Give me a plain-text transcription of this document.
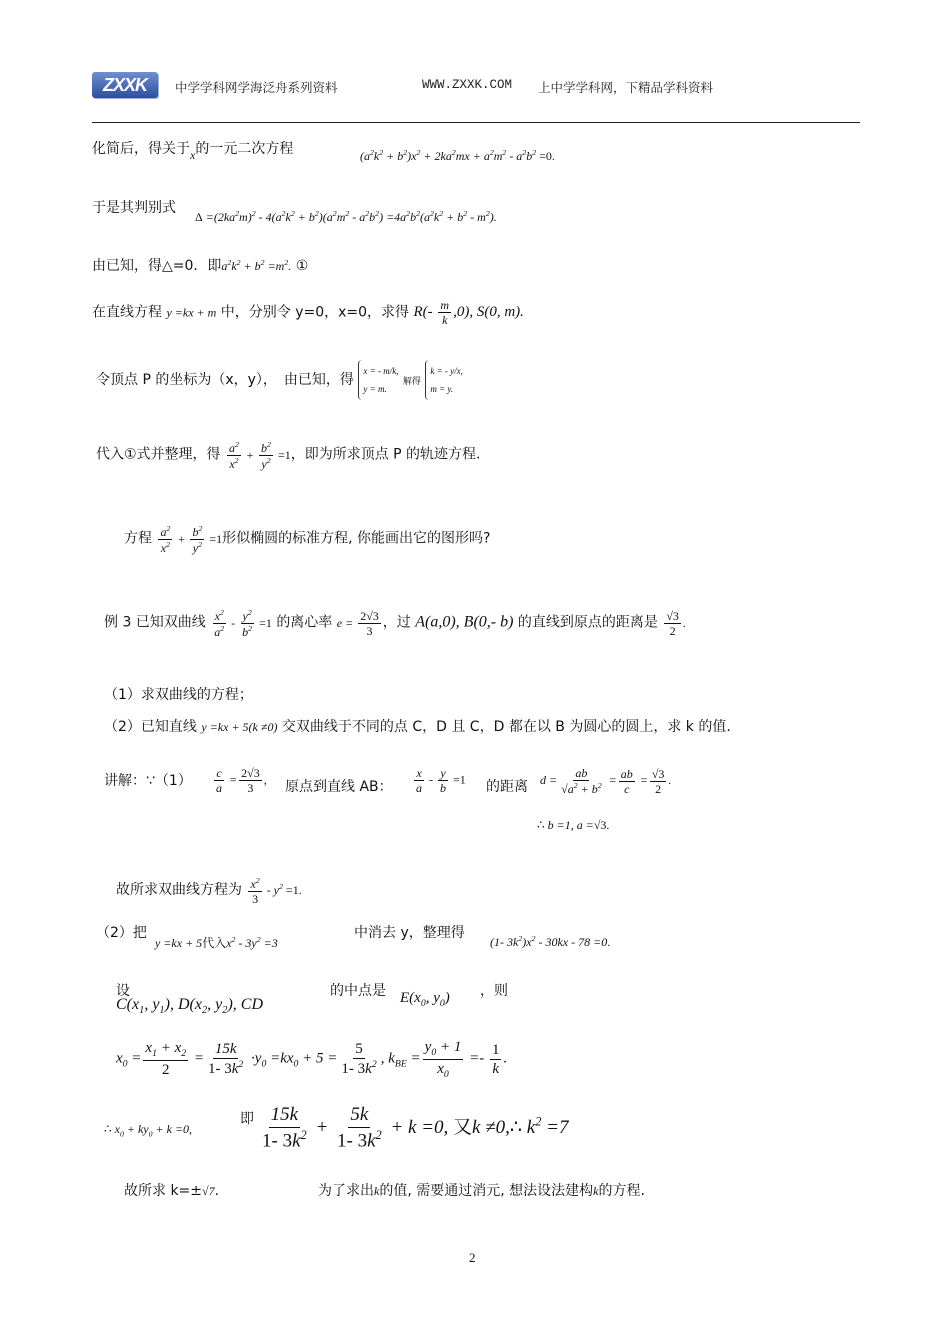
ZXXK	中学学科网学海泛舟系列资料	WWW.ZXXK.COM 上中学学科网，下精品学科资料
化简后，得关于x的一元二次方程	$(a^2k^2 + b^2)x^2 + 2ka^2mx + a^2m^2 - a^2b^2 =0$.
于是其判别式
$\Delta =(2ka^2m)^2 - 4(a^2k^2 + b^2)(a^2m^2 - a^2b^2) =4a^2b^2(a^2k^2 + b^2 - m^2)$.
由已知，得△=0．即$a^2k^2 + b^2 =m^2$. ①
在直线方程 y =kx + m 中，分别令 y=0，x=0，求得 $R(- \frac{m}{k} ,0)$, S(0, m).
令顶点 P 的坐标为（x，y），　由已知，得 x = - m/k,
y = m. 解得 k = - y/x,
m = y.
代入①式并整理，得 $\frac{a^2}{x^2} + \frac{b^2}{y^2} =1$，即为所求顶点 P 的轨迹方程.
方程 $\frac{a^2}{x^2} + \frac{b^2}{y^2} =1$形似椭圆的标准方程, 你能画出它的图形吗?
例 3 已知双曲线 $\frac{x^2}{a^2} - \frac{y^2}{b^2} =1$ 的离心率 $e = \frac{2√3}{3}$ ，过 A(a,0), B(0,- b) 的直线到原点的距离是 $\frac{√3}{2}$ .
（1）求双曲线的方程；
（2）已知直线 y =kx + 5(k ≠0) 交双曲线于不同的点 C，D 且 C，D 都在以 B 为圆心的圆上，求 k 的值.
讲解：∵（1） $\frac{c}{a} = \frac{2√3}{3}$ , 原点到直线 AB： $\frac{x}{a} - \frac{y}{b} =1$ 的距离 $d = \frac{ab}{√a^2 + b^2} = \frac{ab}{c} = \frac{√3}{2}$ .
∴ b =1, a =√3.
故所求双曲线方程为 $\frac{x^2}{3} - y^2 =1$.
（2）把
y =kx + 5代入$x^2 - 3y^2 =3$
中消去 y，整理得
(1- $3k^2)x^2 - 30kx - 78 =0$.
设
$C(x_1$, $y_1$), $D(x_2$, $y_2$), CD
的中点是 $E(x_0$, $y_0$) ，则
$x_0 = \frac{x_1 + x_2}{2} = \frac{15k}{1- 3k^2} \cdot y_0 =kx_0 + 5 = \frac{5}{1- 3k^2}$ , $k_{BE} = \frac{y_0 + 1}{x_0} =- \frac{1}{k}$ .
∴ $x_0 + ky_0 + k =0$,
即 $\frac{15k}{1- 3k^2} + \frac{5k}{1- 3k^2} + k =0$, 又k ≠0,∴ $k^2 =7$
故所求 k=±√7.	为了求出k的值, 需要通过消元, 想法设法建构k的方程.
2
